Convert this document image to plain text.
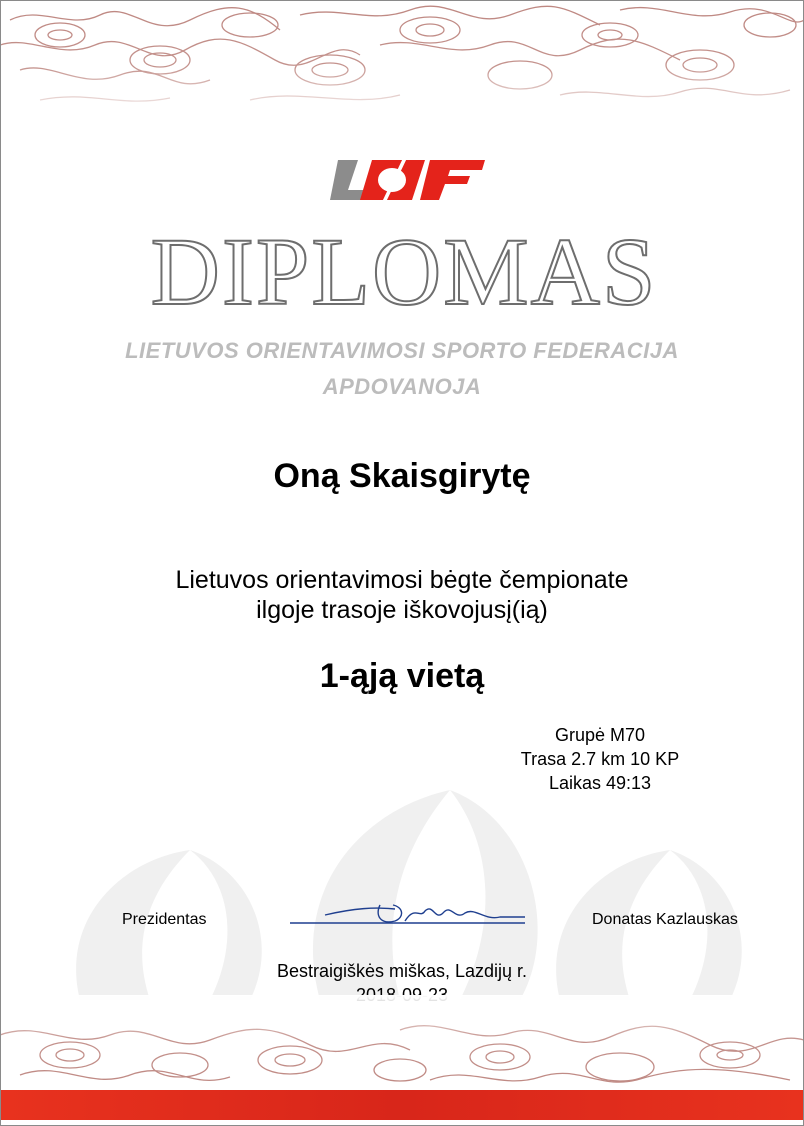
DIPLOMAS
LIETUVOS ORIENTAVIMOSI SPORTO FEDERACIJA
APDOVANOJA
Oną Skaisgirytę
Lietuvos orientavimosi bėgte čempionate
ilgoje trasoje iškovojusį(ią)
1-ąją vietą
Grupė M70
Trasa 2.7 km 10 KP
Laikas 49:13
Prezidentas	Donatas Kazlauskas
Bestraigiškės miškas, Lazdijų r.
